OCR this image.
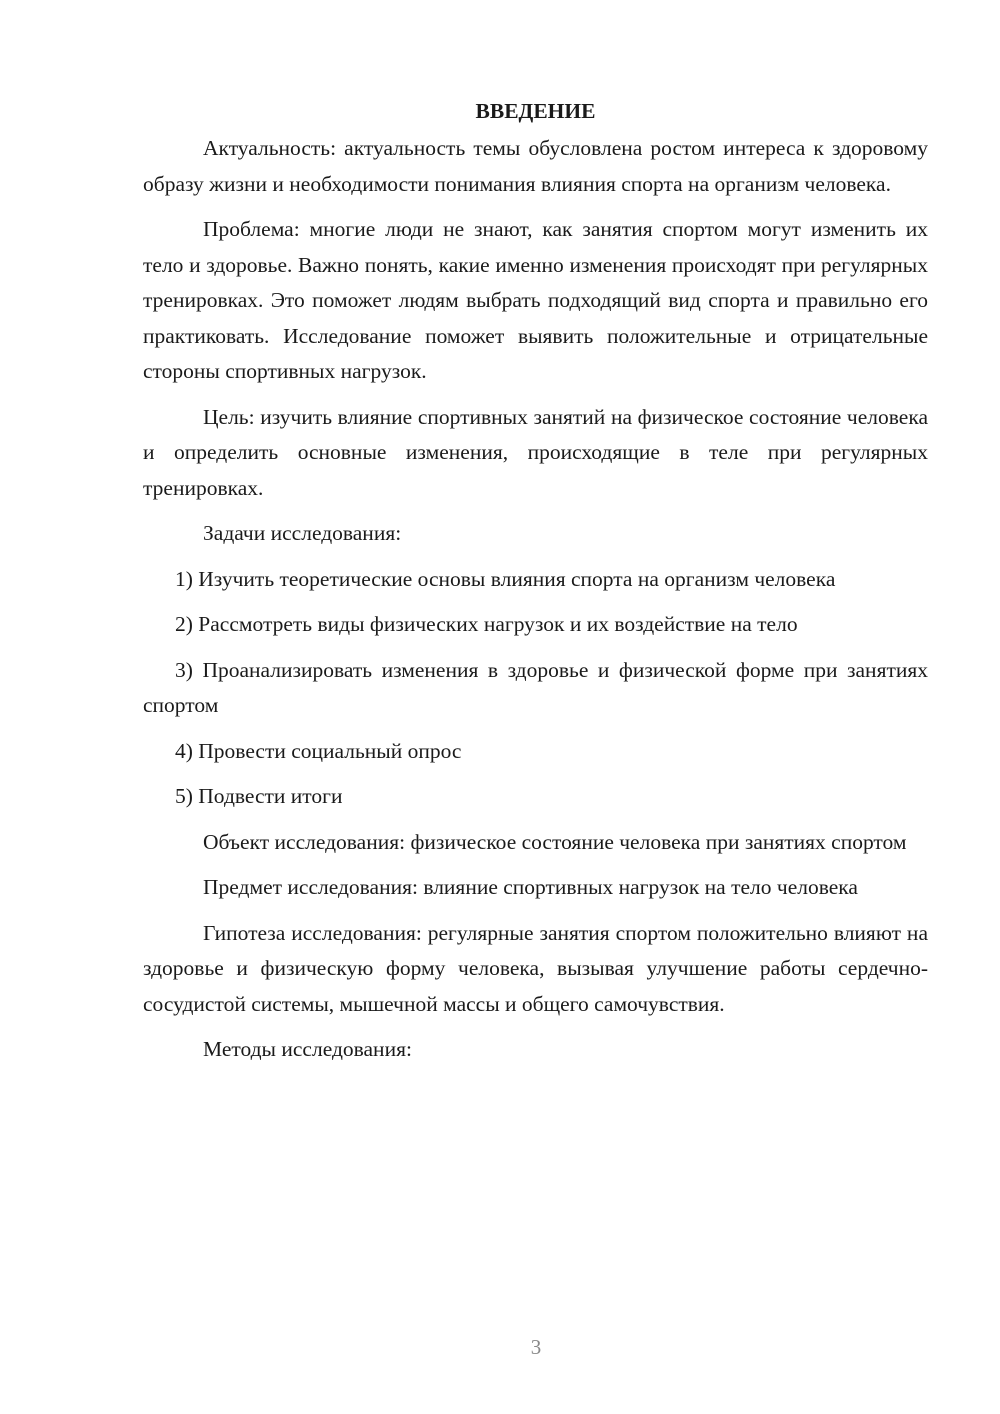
ВВЕДЕНИЕ

Актуальность: актуальность темы обусловлена ростом интереса к здоровому образу жизни и необходимости понимания влияния спорта на организм человека.

Проблема: многие люди не знают, как занятия спортом могут изменить их тело и здоровье. Важно понять, какие именно изменения происходят при регулярных тренировках. Это поможет людям выбрать подходящий вид спорта и правильно его практиковать. Исследование поможет выявить положительные и отрицательные стороны спортивных нагрузок.

Цель: изучить влияние спортивных занятий на физическое состояние человека и определить основные изменения, происходящие в теле при регулярных тренировках.

Задачи исследования:

1) Изучить теоретические основы влияния спорта на организм человека

2) Рассмотреть виды физических нагрузок и их воздействие на тело

3) Проанализировать изменения в здоровье и физической форме при занятиях спортом

4) Провести социальный опрос

5) Подвести итоги

Объект исследования: физическое состояние человека при занятиях спортом

Предмет исследования: влияние спортивных нагрузок на тело человека

Гипотеза исследования: регулярные занятия спортом положительно влияют на здоровье и физическую форму человека, вызывая улучшение работы сердечно-сосудистой системы, мышечной массы и общего самочувствия.

Методы исследования:

3
